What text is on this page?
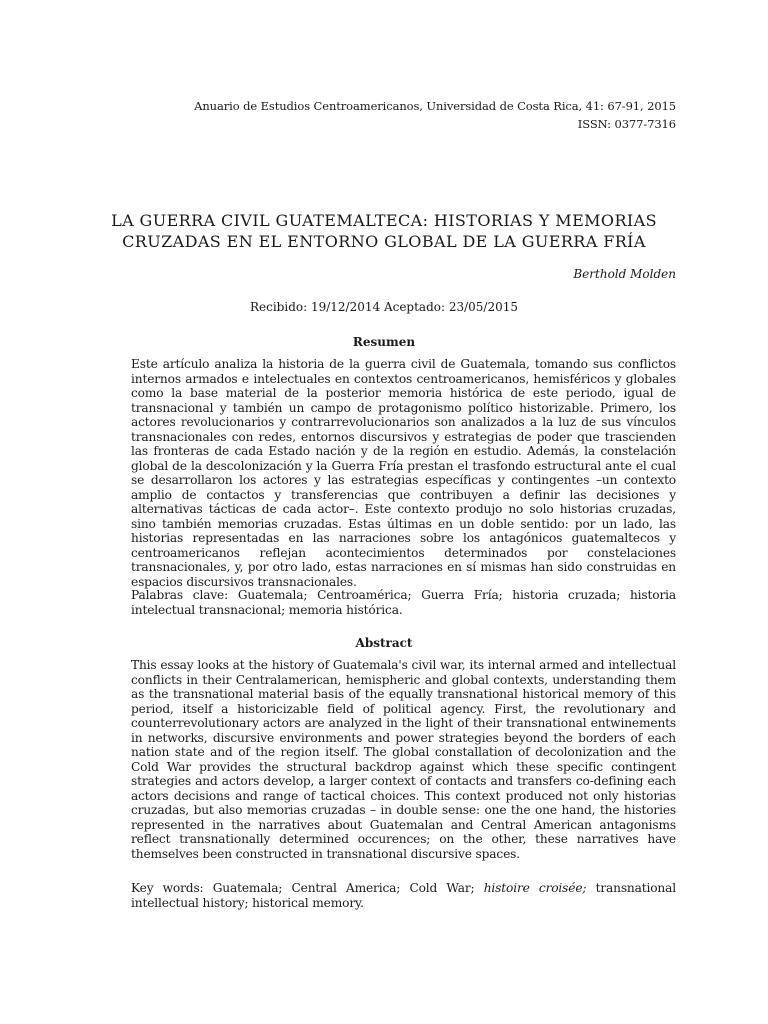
Anuario de Estudios Centroamericanos, Universidad de Costa Rica, 41: 67-91, 2015
ISSN: 0377-7316
LA GUERRA CIVIL GUATEMALTECA: HISTORIAS Y MEMORIAS
CRUZADAS EN EL ENTORNO GLOBAL DE LA GUERRA FRÍA
Berthold Molden
Recibido: 19/12/2014 Aceptado: 23/05/2015
Resumen

Este artículo analiza la historia de la guerra civil de Guatemala, tomando sus conflictos internos armados e intelectuales en contextos centroamericanos, hemisféricos y globales como la base material de la posterior memoria histórica de este periodo, igual de transnacional y también un campo de protagonismo político historizable. Primero, los actores revolucionarios y contrarrevolucionarios son analizados a la luz de sus vínculos transnacionales con redes, entornos discursivos y estrategias de poder que trascienden las fronteras de cada Estado nación y de la región en estudio. Además, la constelación global de la descolonización y la Guerra Fría prestan el trasfondo estructural ante el cual se desarrollaron los actores y las estrategias específicas y contingentes –un contexto amplio de contactos y transferencias que contribuyen a definir las decisiones y alternativas tácticas de cada actor–. Este contexto produjo no solo historias cruzadas, sino también memorias cruzadas. Estas últimas en un doble sentido: por un lado, las historias representadas en las narraciones sobre los antagónicos guatemaltecos y centroamericanos reflejan acontecimientos determinados por constelaciones transnacionales, y, por otro lado, estas narraciones en sí mismas han sido construidas en espacios discursivos transnacionales.

Palabras clave: Guatemala; Centroamérica; Guerra Fría; historia cruzada; historia intelectual transnacional; memoria histórica.

Abstract

This essay looks at the history of Guatemala's civil war, its internal armed and intellectual conflicts in their Centralamerican, hemispheric and global contexts, understanding them as the transnational material basis of the equally transnational historical memory of this period, itself a historicizable field of political agency. First, the revolutionary and counterrevolutionary actors are analyzed in the light of their transnational entwinements in networks, discursive environments and power strategies beyond the borders of each nation state and of the region itself. The global constallation of decolonization and the Cold War provides the structural backdrop against which these specific contingent strategies and actors develop, a larger context of contacts and transfers co-defining each actors decisions and range of tactical choices. This context produced not only historias cruzadas, but also memorias cruzadas – in double sense: one the one hand, the histories represented in the narratives about Guatemalan and Central American antagonisms reflect transnationally determined occurences; on the other, these narratives have themselves been constructed in transnational discursive spaces.

Key words: Guatemala; Central America; Cold War; histoire croisée; transnational intellectual history; historical memory.
